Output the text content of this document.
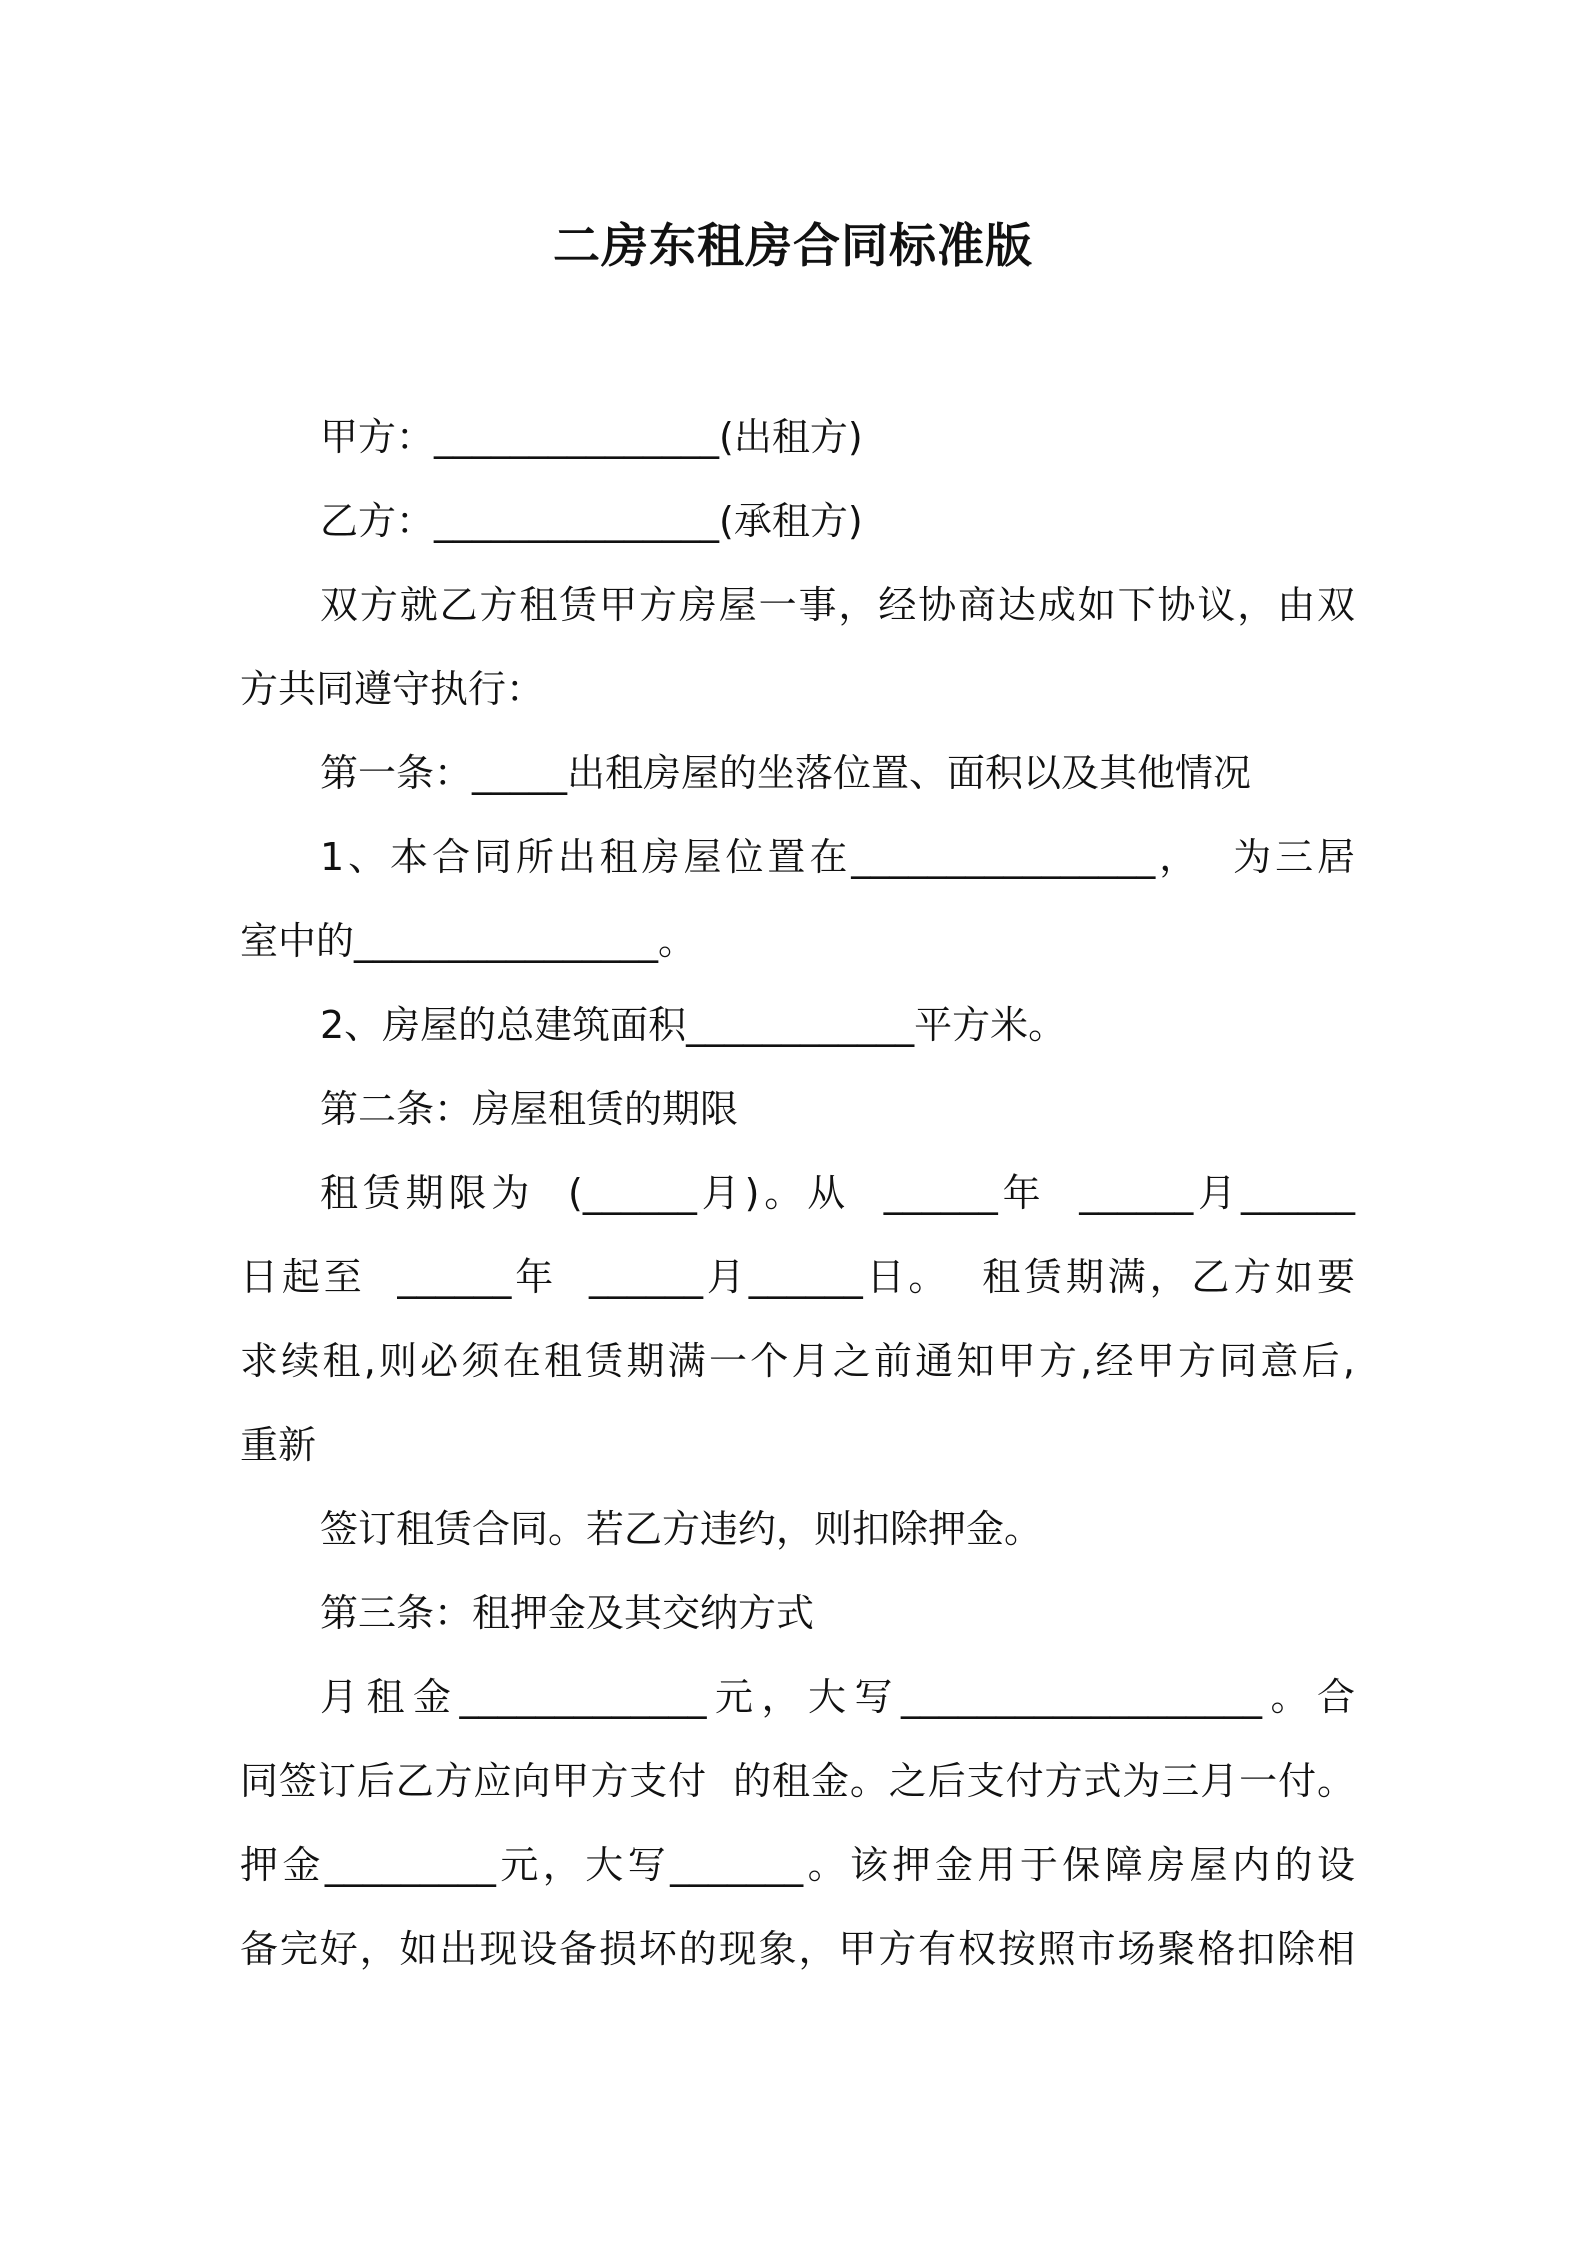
二房东租房合同标准版

甲方：_______________(出租方)

乙方：_______________(承租方)

双方就乙方租赁甲方房屋一事，经协商达成如下协议，由双

方共同遵守执行：

第一条：_____出租房屋的坐落位置、面积以及其他情况

1、本合同所出租房屋位置在________________，  为三居

室中的________________。

2、房屋的总建筑面积____________平方米。

第二条：房屋租赁的期限

租赁期限为  (______月)。从  ______年  ______月______

日起至  ______年  ______月______日。  租赁期满，乙方如要

求续租,则必须在租赁期满一个月之前通知甲方,经甲方同意后,

重新

签订租赁合同。若乙方违约，则扣除押金。

第三条：租押金及其交纳方式

月租金_____________元，大写___________________。合

同签订后乙方应向甲方支付  的租金。之后支付方式为三月一付。

押金_________元，大写_______。该押金用于保障房屋内的设

备完好，如出现设备损坏的现象，甲方有权按照市场聚格扣除相
